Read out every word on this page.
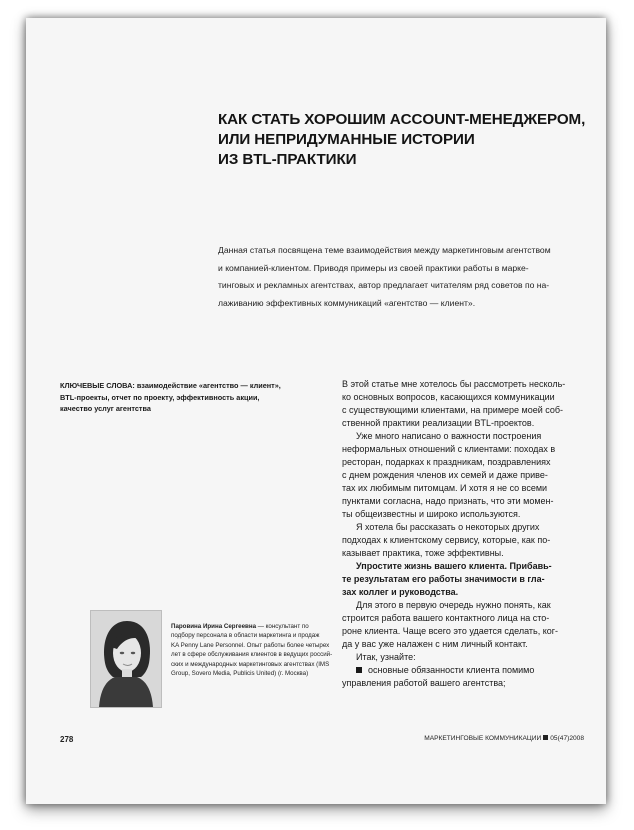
КАК СТАТЬ ХОРОШИМ ACCOUNT-МЕНЕДЖЕРОМ,
ИЛИ НЕПРИДУМАННЫЕ ИСТОРИИ
ИЗ BTL-ПРАКТИКИ
Данная статья посвящена теме взаимодействия между маркетинговым агентством
и компанией-клиентом. Приводя примеры из своей практики работы в марке-
тинговых и рекламных агентствах, автор предлагает читателям ряд советов по на-
лаживанию эффективных коммуникаций «агентство — клиент».
КЛЮЧЕВЫЕ СЛОВА: взаимодействие «агентство — клиент»,
BTL-проекты, отчет по проекту, эффективность акции,
качество услуг агентства
В этой статье мне хотелось бы рассмотреть несколь-
ко основных вопросов, касающихся коммуникации
с существующими клиентами, на примере моей соб-
ственной практики реализации BTL-проектов.
Уже много написано о важности построения
неформальных отношений с клиентами: походах в
ресторан, подарках к праздникам, поздравлениях
с днем рождения членов их семей и даже приве-
тах их любимым питомцам. И хотя я не со всеми
пунктами согласна, надо признать, что эти момен-
ты общеизвестны и широко используются.
Я хотела бы рассказать о некоторых других
подходах к клиентскому сервису, которые, как по-
казывает практика, тоже эффективны.
Упростите жизнь вашего клиента. Прибавь-
те результатам его работы значимости в гла-
зах коллег и руководства.
Для этого в первую очередь нужно понять, как
строится работа вашего контактного лица на сто-
роне клиента. Чаще всего это удается сделать, ког-
да у вас уже налажен с ним личный контакт.
Итак, узнайте:
основные обязанности клиента помимо
управления работой вашего агентства;
Паровина Ирина Сергеевна — консультант по
подбору персонала в области маркетинга и продаж
KA Penny Lane Personnel. Опыт работы более четырех
лет в сфере обслуживания клиентов в ведущих россий-
ских и международных маркетинговых агентствах (IMS
Group, Sovero Media, Publicis United) (г. Москва)
278	МАРКЕТИНГОВЫЕ КОММУНИКАЦИИ 05(47)2008
